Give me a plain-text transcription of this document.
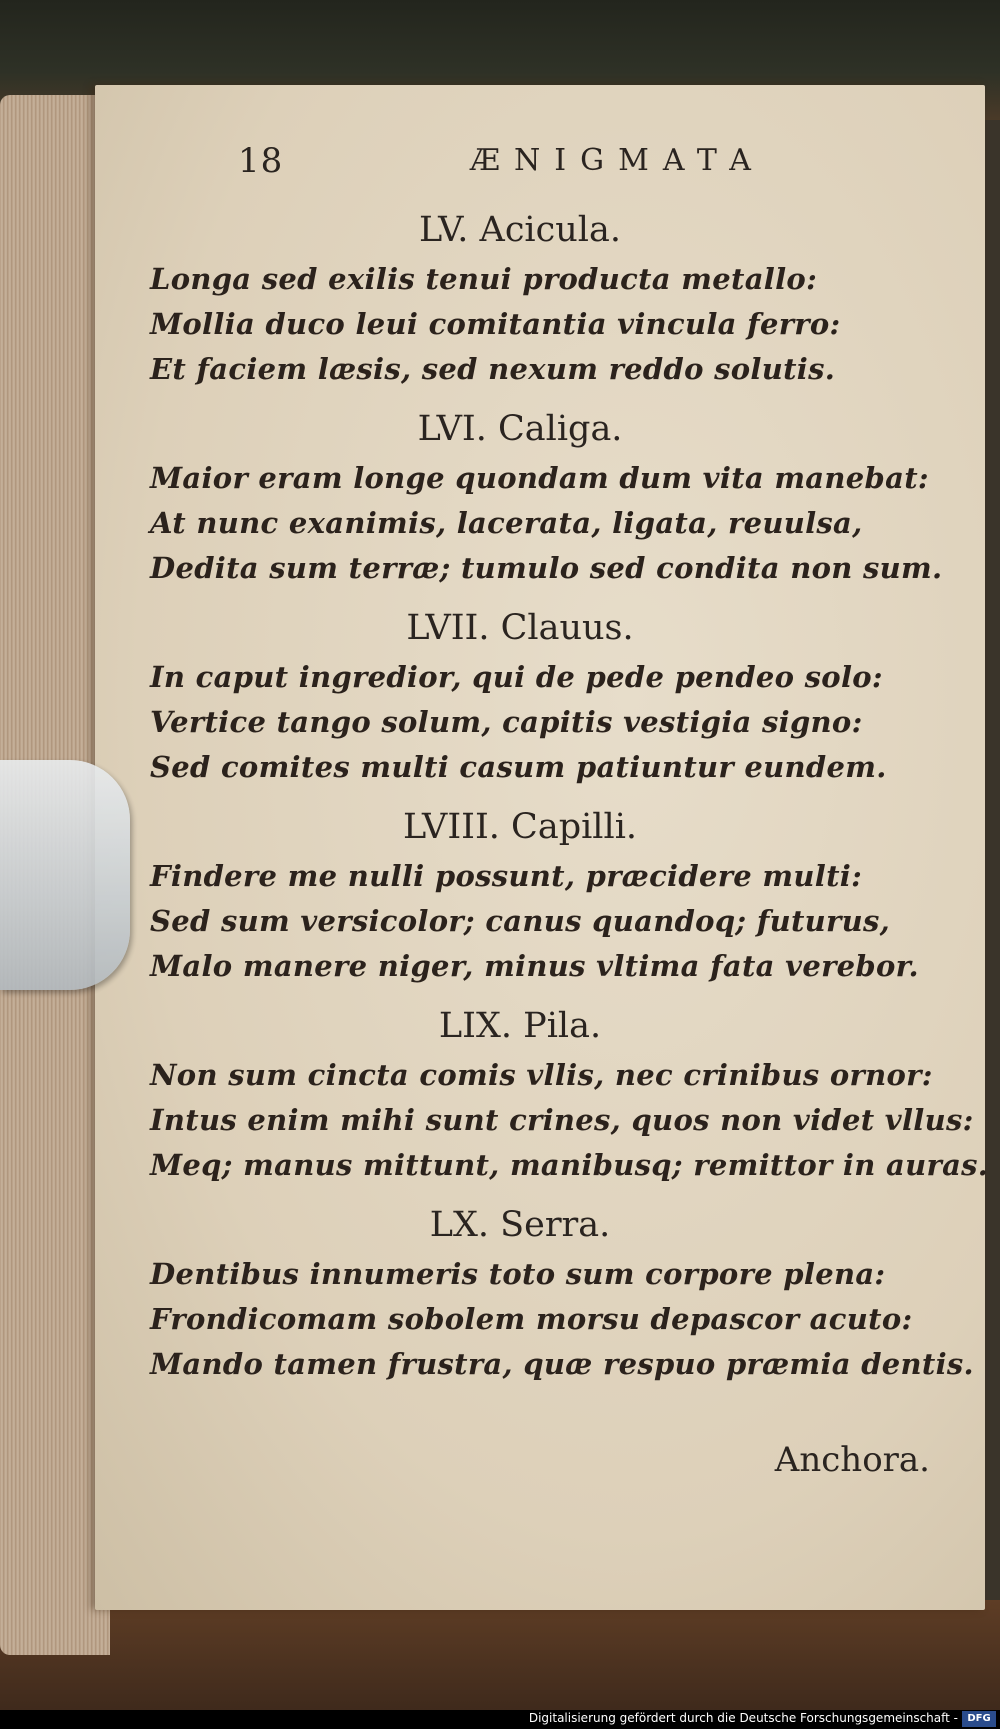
18	ÆNIGMATA
LV. Acicula.
Longa sed exilis tenui producta metallo:
Mollia duco leui comitantia vincula ferro:
Et faciem læsis, sed nexum reddo solutis.
LVI. Caliga.
Maior eram longe quondam dum vita manebat:
At nunc exanimis, lacerata, ligata, reuulsa,
Dedita sum terræ; tumulo sed condita non sum.
LVII. Clauus.
In caput ingredior, qui de pede pendeo solo:
Vertice tango solum, capitis vestigia signo:
Sed comites multi casum patiuntur eundem.
LVIII. Capilli.
Findere me nulli possunt, præcidere multi:
Sed sum versicolor; canus quandoq; futurus,
Malo manere niger, minus vltima fata verebor.
LIX. Pila.
Non sum cincta comis vllis, nec crinibus ornor:
Intus enim mihi sunt crines, quos non videt vllus:
Meq; manus mittunt, manibusq; remittor in auras.
LX. Serra.
Dentibus innumeris toto sum corpore plena:
Frondicomam sobolem morsu depascor acuto:
Mando tamen frustra, quæ respuo præmia dentis.
Anchora.
Digitalisierung gefördert durch die Deutsche Forschungsgemeinschaft - DFG
